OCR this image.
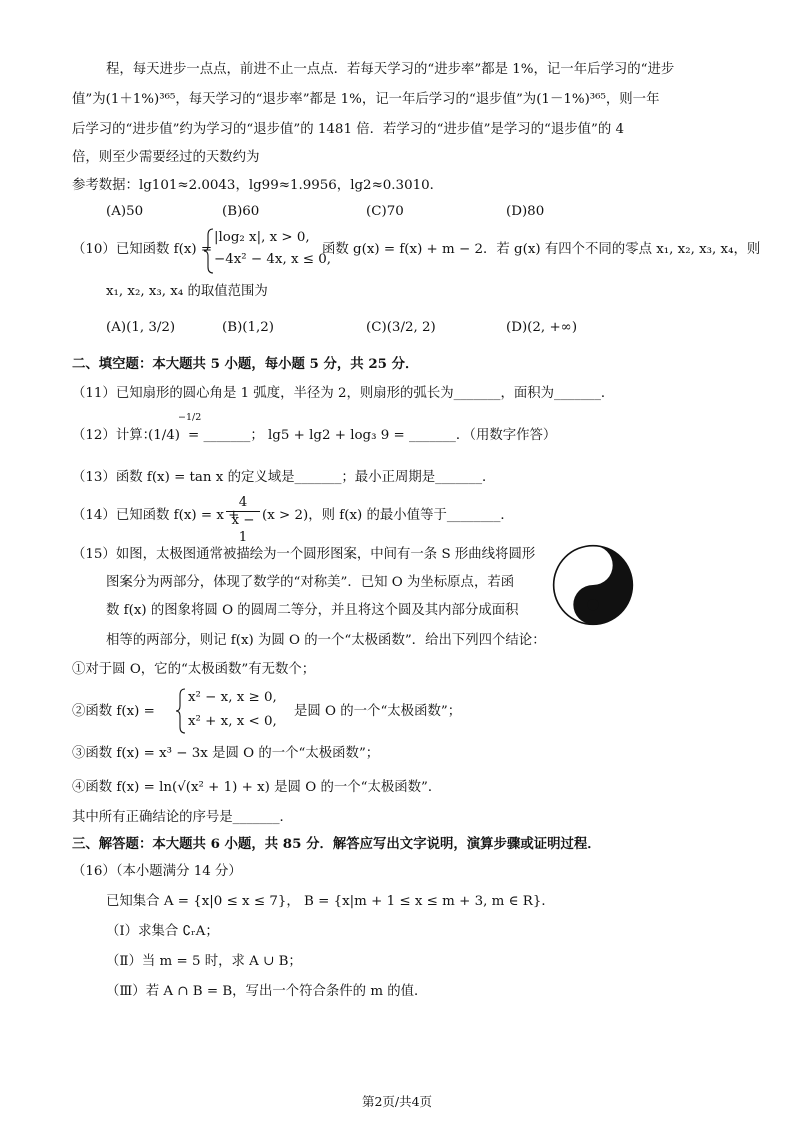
程，每天进步一点点，前进不止一点点．若每天学习的“进步率”都是 1%，记一年后学习的“进步
值”为(1＋1%)³⁶⁵，每天学习的“退步率”都是 1%，记一年后学习的“退步值”为(1－1%)³⁶⁵，则一年
后学习的“进步值”约为学习的“退步值”的 1481 倍．若学习的“进步值”是学习的“退步值”的 4
倍，则至少需要经过的天数约为
参考数据：lg101≈2.0043，lg99≈1.9956，lg2≈0.3010．
(A)50	(B)60	(C)70	(D)80
（10）已知函数 f(x) =
|log₂ x|, x > 0,
−4x² − 4x, x ≤ 0,
函数 g(x) = f(x) + m − 2．若 g(x) 有四个不同的零点 x₁, x₂, x₃, x₄，则
x₁, x₂, x₃, x₄ 的取值范围为
(A)(1, 3/2)	(B)(1,2)	(C)(3/2, 2)	(D)(2, +∞)
二、填空题：本大题共 5 小题，每小题 5 分，共 25 分．
（11）已知扇形的圆心角是 1 弧度，半径为 2，则扇形的弧长为_______，面积为_______．
（12）计算：
(1/4)
−1/2
= _______； lg5 + lg2 + log₃ 9 = _______．（用数字作答）
（13）函数 f(x) = tan x 的定义域是_______；最小正周期是_______．
（14）已知函数 f(x) = x +
$\frac{4}{x - 1} (x > 2)$，则 f(x) 的最小值等于________．
（15）如图，太极图通常被描绘为一个圆形图案，中间有一条 S 形曲线将圆形
图案分为两部分，体现了数学的“对称美”．已知 O 为坐标原点，若函
数 f(x) 的图象将圆 O 的圆周二等分，并且将这个圆及其内部分成面积
相等的两部分，则记 f(x) 为圆 O 的一个“太极函数”．给出下列四个结论：
①对于圆 O，它的“太极函数”有无数个；
②函数 f(x) =
x² − x, x ≥ 0,
x² + x, x < 0,
是圆 O 的一个“太极函数”；
③函数 f(x) = x³ − 3x 是圆 O 的一个“太极函数”；
④函数 f(x) = ln(√(x² + 1) + x) 是圆 O 的一个“太极函数”．
其中所有正确结论的序号是_______．
三、解答题：本大题共 6 小题，共 85 分．解答应写出文字说明，演算步骤或证明过程．
（16）（本小题满分 14 分）
已知集合 A = {x|0 ≤ x ≤ 7}， B = {x|m + 1 ≤ x ≤ m + 3, m ∈ R}．
（Ⅰ）求集合 ∁ᵣA；
（Ⅱ）当 m = 5 时，求 A ∪ B；
（Ⅲ）若 A ∩ B = B，写出一个符合条件的 m 的值．
第2页/共4页
